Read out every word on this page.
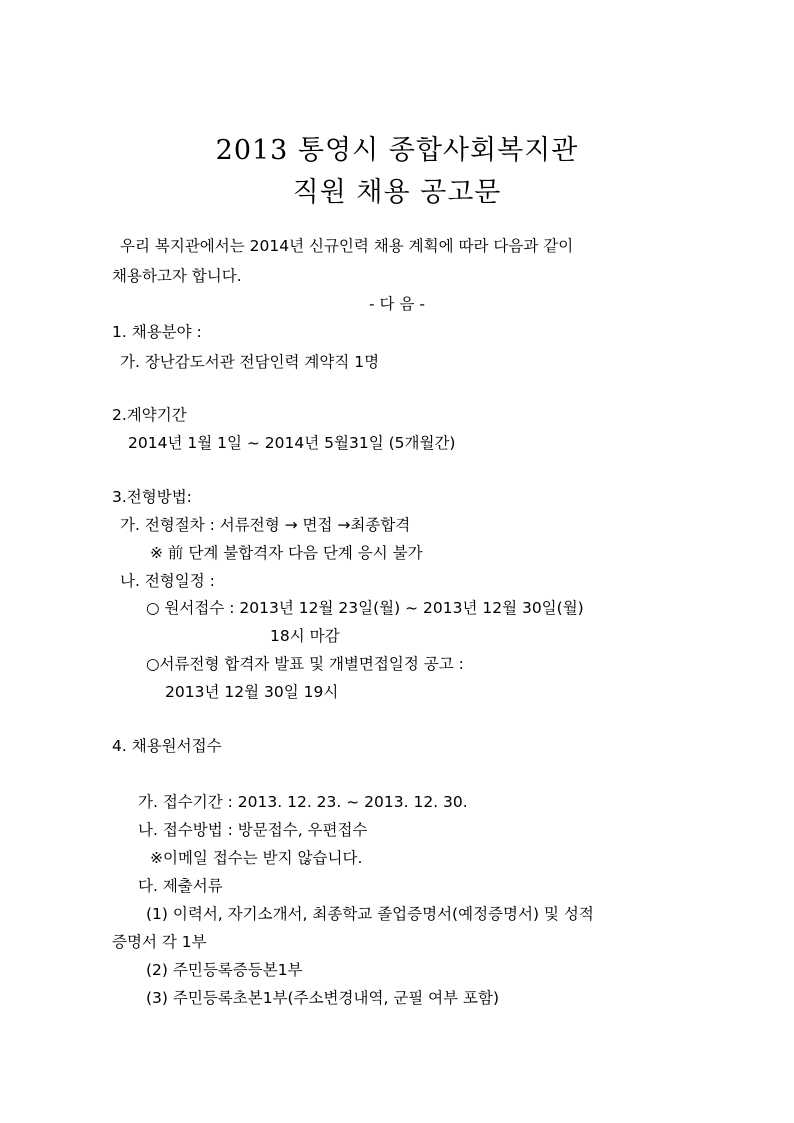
2013 통영시 종합사회복지관
직원 채용 공고문
우리 복지관에서는 2014년 신규인력 채용 계획에 따라 다음과 같이
채용하고자 합니다.
- 다 음 -
1. 채용분야 :
가. 장난감도서관 전담인력 계약직 1명
2.계약기간
2014년 1월 1일 ~ 2014년 5월31일 (5개월간)
3.전형방법:
가. 전형절차 : 서류전형 → 면접 →최종합격
※ 前 단계 불합격자 다음 단계 응시 불가
나. 전형일정 :
○ 원서접수 : 2013년 12월 23일(월) ~ 2013년 12월 30일(월)
18시 마감
○서류전형 합격자 발표 및 개별면접일정 공고 :
2013년 12월 30일 19시
4. 채용원서접수
가. 접수기간 : 2013. 12. 23. ~ 2013. 12. 30.
나. 접수방법 : 방문접수, 우편접수
※이메일 접수는 받지 않습니다.
다. 제출서류
(1) 이력서, 자기소개서, 최종학교 졸업증명서(예정증명서) 및 성적
증명서 각 1부
(2) 주민등록증등본1부
(3) 주민등록초본1부(주소변경내역, 군필 여부 포함)
